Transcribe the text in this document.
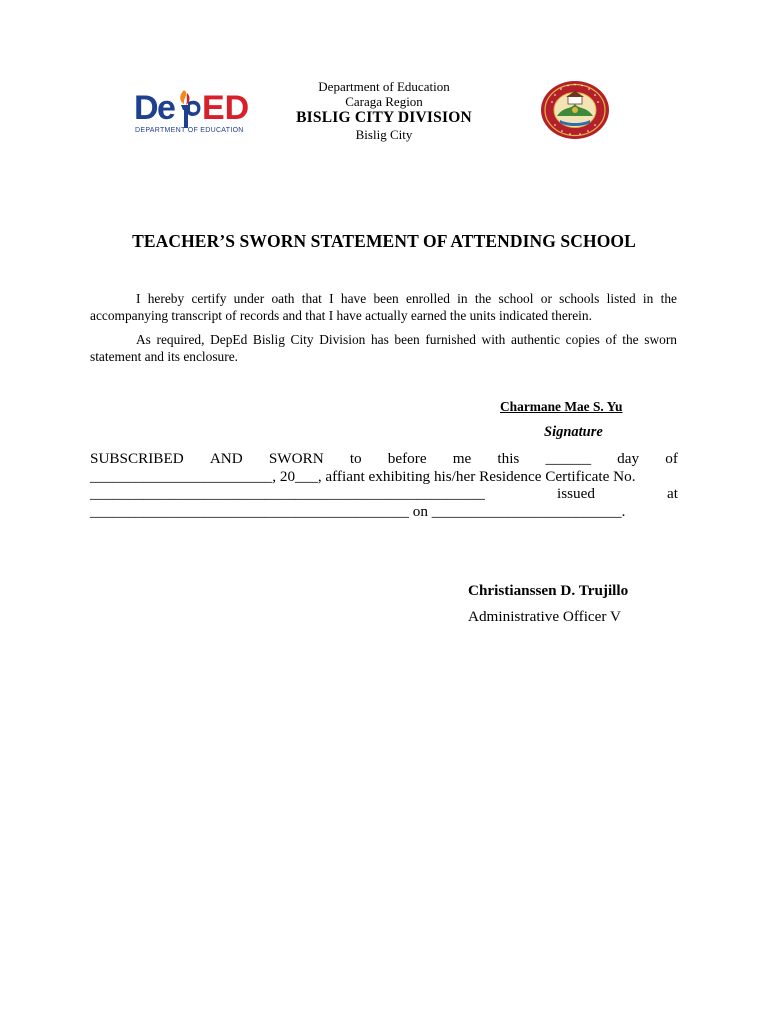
D
e ED
DEPARTMENT OF EDUCATION
Department of Education
Caraga Region
BISLIG CITY DIVISION
Bislig City
TEACHER’S SWORN STATEMENT OF ATTENDING SCHOOL

I hereby certify under oath that I have been enrolled in the school or schools listed in the accompanying transcript of records and that I have actually earned the units indicated therein.

As required, DepEd Bislig City Division has been furnished with authentic copies of the sworn statement and its enclosure.

Charmane Mae S. Yu
Signature
SUBSCRIBED AND SWORN to before me this ______ day of
________________________, 20___, affiant exhibiting his/her Residence Certificate No.
____________________________________________________	issued	at
__________________________________________ on _________________________.
Christianssen D. Trujillo
Administrative Officer V
